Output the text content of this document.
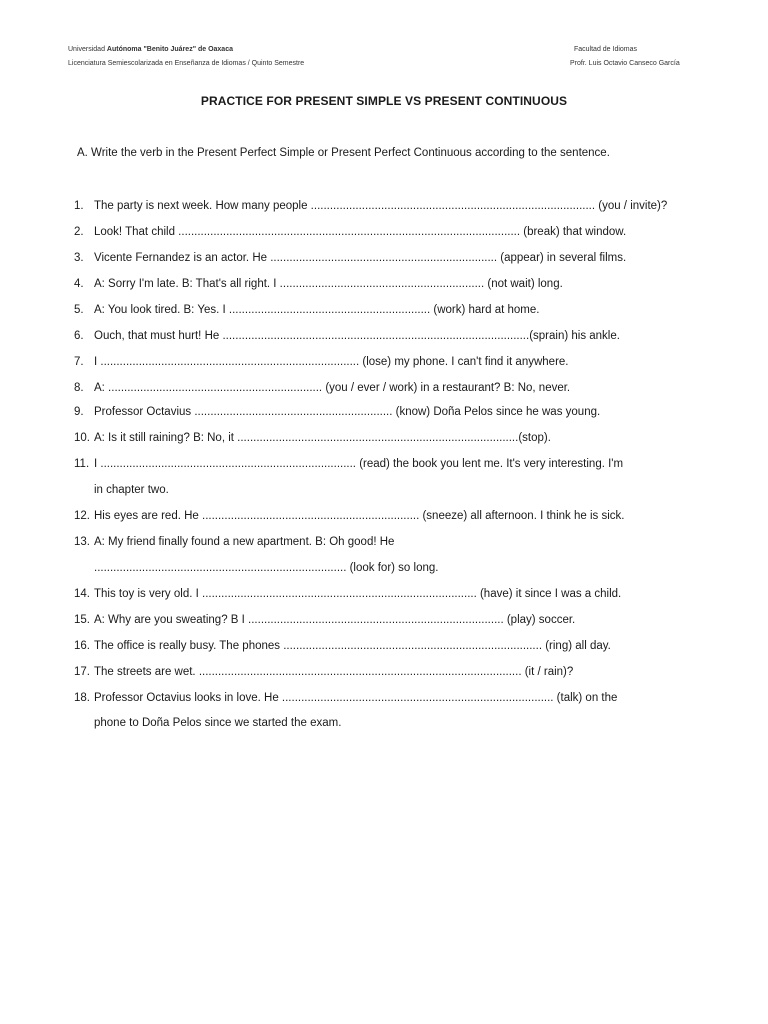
Universidad Autónoma "Benito Juárez" de Oaxaca
Licenciatura Semiescolarizada en Enseñanza de Idiomas / Quinto Semestre
Facultad de Idiomas
Profr. Luis Octavio Canseco García
PRACTICE FOR PRESENT SIMPLE VS PRESENT CONTINUOUS
A. Write the verb in the Present Perfect Simple or Present Perfect Continuous according to the sentence.
1. The party is next week. How many people ......................................................................................... (you / invite)?
2. Look! That child ........................................................................................................... (break) that window.
3. Vicente Fernandez is an actor. He ....................................................................... (appear) in several films.
4. A: Sorry I'm late. B: That's all right. I ................................................................ (not wait) long.
5. A: You look tired. B: Yes. I ............................................................... (work) hard at home.
6. Ouch, that must hurt! He ................................................................................................(sprain) his ankle.
7. I ................................................................................. (lose) my phone. I can't find it anywhere.
8. A: ................................................................... (you / ever / work) in a restaurant? B: No, never.
9. Professor Octavius .............................................................. (know) Doña Pelos since he was young.
10. A: Is it still raining? B: No, it ........................................................................................(stop).
11. I ................................................................................ (read) the book you lent me. It's very interesting. I'm
in chapter two.
12. His eyes are red. He .................................................................... (sneeze) all afternoon. I think he is sick.
13. A: My friend finally found a new apartment. B: Oh good! He
............................................................................... (look for) so long.
14. This toy is very old. I ...................................................................................... (have) it since I was a child.
15. A: Why are you sweating? B I ................................................................................ (play) soccer.
16. The office is really busy. The phones ................................................................................. (ring) all day.
17. The streets are wet. ..................................................................................................... (it / rain)?
18. Professor Octavius looks in love. He ..................................................................................... (talk) on the
phone to Doña Pelos since we started the exam.
